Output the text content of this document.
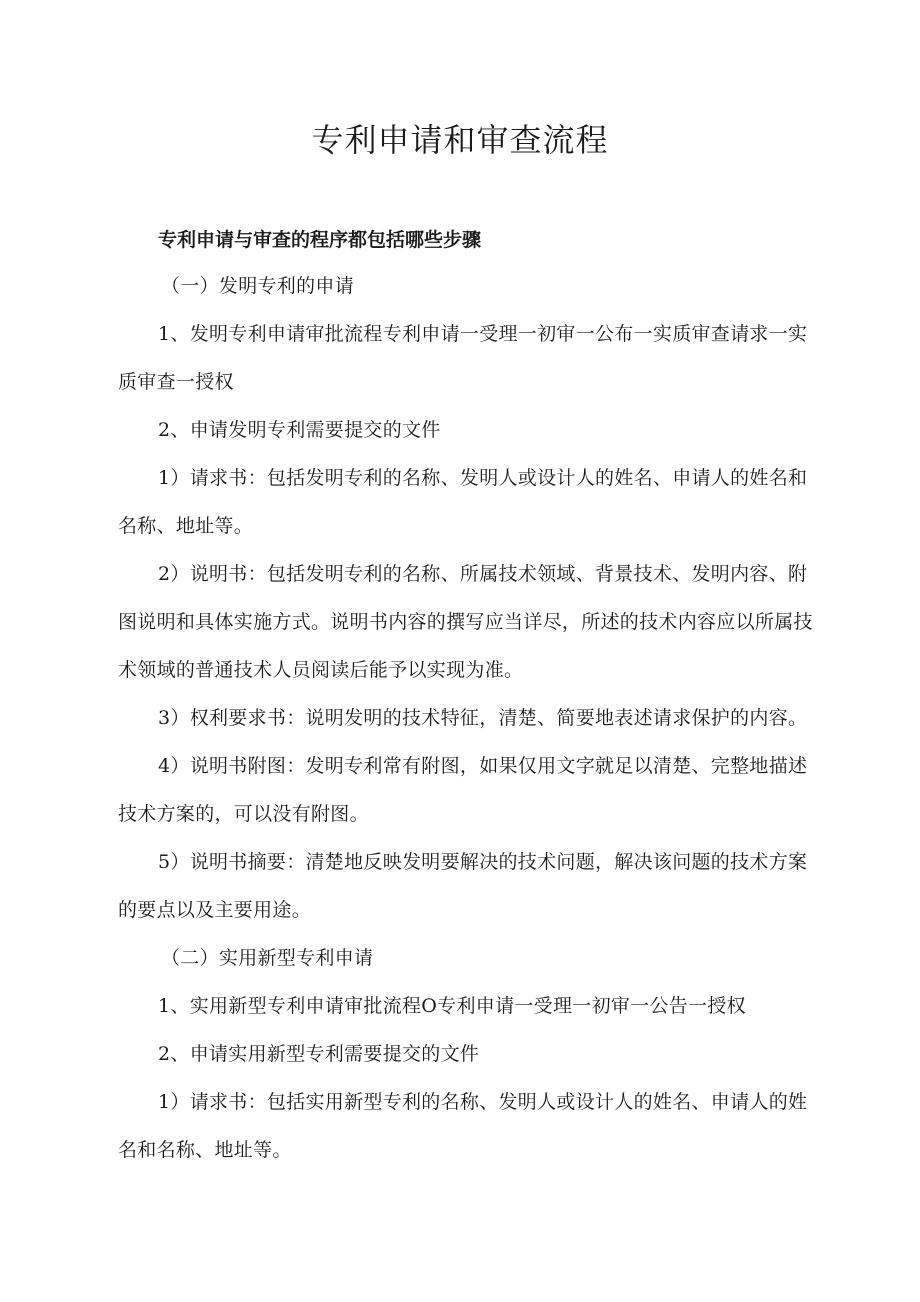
专利申请和审查流程
专利申请与审查的程序都包括哪些步骤

（一）发明专利的申请

1、发明专利申请审批流程专利申请一受理一初审一公布一实质审查请求一实质审查一授权

2、申请发明专利需要提交的文件

1）请求书：包括发明专利的名称、发明人或设计人的姓名、申请人的姓名和名称、地址等。

2）说明书：包括发明专利的名称、所属技术领域、背景技术、发明内容、附图说明和具体实施方式。说明书内容的撰写应当详尽，所述的技术内容应以所属技术领域的普通技术人员阅读后能予以实现为准。

3）权利要求书：说明发明的技术特征，清楚、简要地表述请求保护的内容。

4）说明书附图：发明专利常有附图，如果仅用文字就足以清楚、完整地描述技术方案的，可以没有附图。

5）说明书摘要：清楚地反映发明要解决的技术问题，解决该问题的技术方案的要点以及主要用途。

（二）实用新型专利申请

1、实用新型专利申请审批流程O专利申请一受理一初审一公告一授权

2、申请实用新型专利需要提交的文件

1）请求书：包括实用新型专利的名称、发明人或设计人的姓名、申请人的姓名和名称、地址等。
